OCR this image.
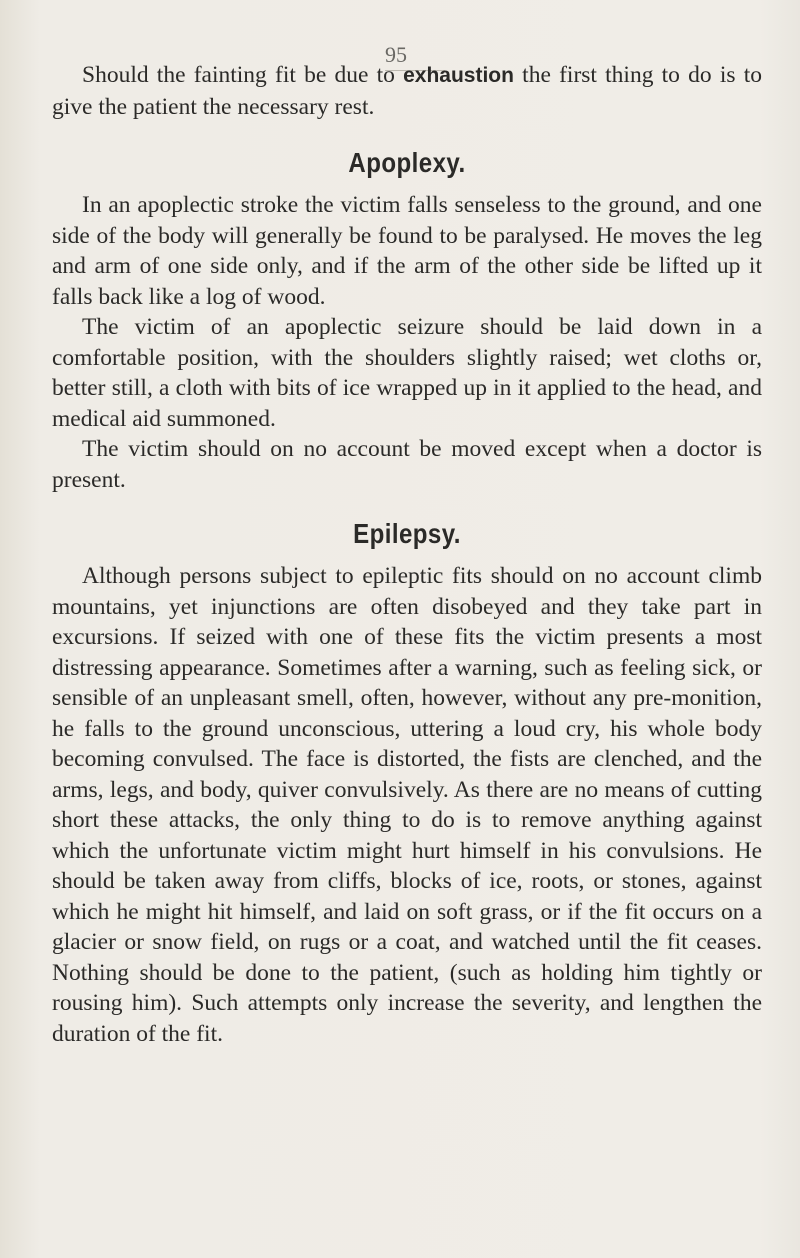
95

Should the fainting fit be due to exhaustion the first thing to do is to give the patient the necessary rest.

Apoplexy.

In an apoplectic stroke the victim falls senseless to the ground, and one side of the body will generally be found to be paralysed. He moves the leg and arm of one side only, and if the arm of the other side be lifted up it falls back like a log of wood.

The victim of an apoplectic seizure should be laid down in a comfortable position, with the shoulders slightly raised; wet cloths or, better still, a cloth with bits of ice wrapped up in it applied to the head, and medical aid summoned.

The victim should on no account be moved except when a doctor is present.

Epilepsy.

Although persons subject to epileptic fits should on no account climb mountains, yet injunctions are often disobeyed and they take part in excursions. If seized with one of these fits the victim presents a most distressing appearance. Sometimes after a warning, such as feeling sick, or sensible of an unpleasant smell, often, however, without any pre-monition, he falls to the ground unconscious, uttering a loud cry, his whole body becoming convulsed. The face is distorted, the fists are clenched, and the arms, legs, and body, quiver convulsively. As there are no means of cutting short these attacks, the only thing to do is to remove anything against which the unfortunate victim might hurt himself in his convulsions. He should be taken away from cliffs, blocks of ice, roots, or stones, against which he might hit himself, and laid on soft grass, or if the fit occurs on a glacier or snow field, on rugs or a coat, and watched until the fit ceases. Nothing should be done to the patient, (such as holding him tightly or rousing him). Such attempts only increase the severity, and lengthen the duration of the fit.
